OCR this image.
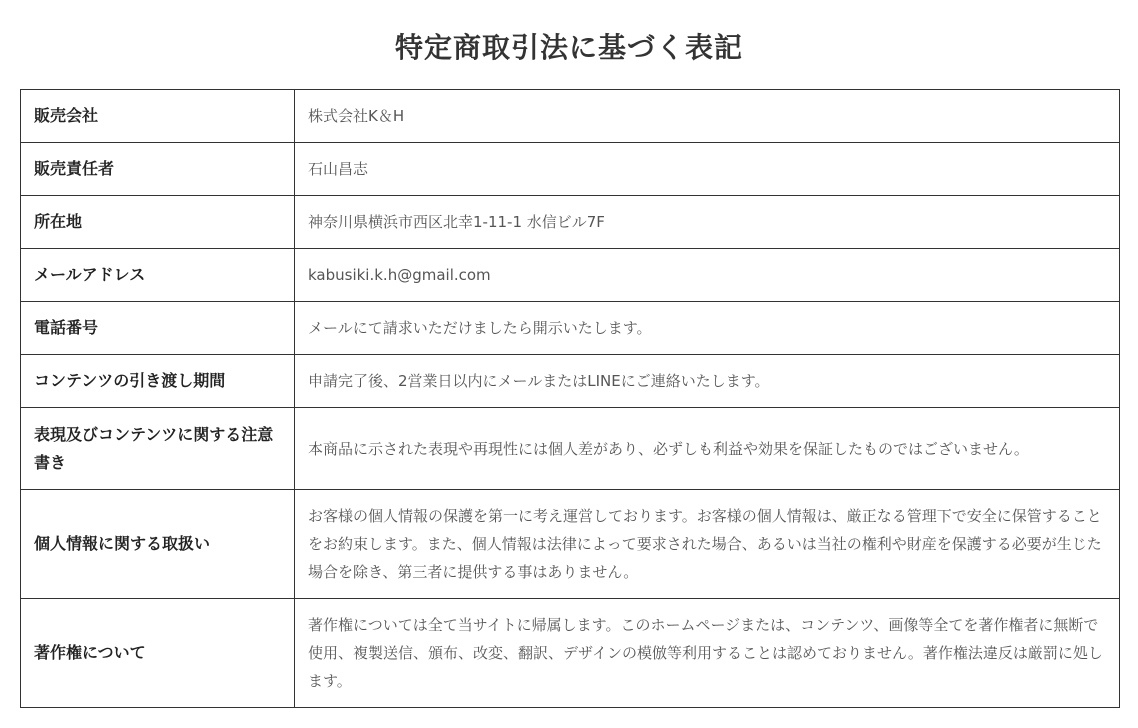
特定商取引法に基づく表記
販売会社	株式会社K＆H
販売責任者	石山昌志
所在地	神奈川県横浜市西区北幸1-11-1 水信ビル7F
メールアドレス	kabusiki.k.h@gmail.com
電話番号	メールにて請求いただけましたら開示いたします。
コンテンツの引き渡し期間	申請完了後、2営業日以内にメールまたはLINEにご連絡いたします。
表現及びコンテンツに関する注意書き	本商品に示された表現や再現性には個人差があり、必ずしも利益や効果を保証したものではございません。
個人情報に関する取扱い	お客様の個人情報の保護を第一に考え運営しております。お客様の個人情報は、厳正なる管理下で安全に保管することをお約束します。また、個人情報は法律によって要求された場合、あるいは当社の権利や財産を保護する必要が生じた場合を除き、第三者に提供する事はありません。
著作権について	著作権については全て当サイトに帰属します。このホームページまたは、コンテンツ、画像等全てを著作権者に無断で使用、複製送信、頒布、改変、翻訳、デザインの模倣等利用することは認めておりません。著作権法違反は厳罰に処します。
